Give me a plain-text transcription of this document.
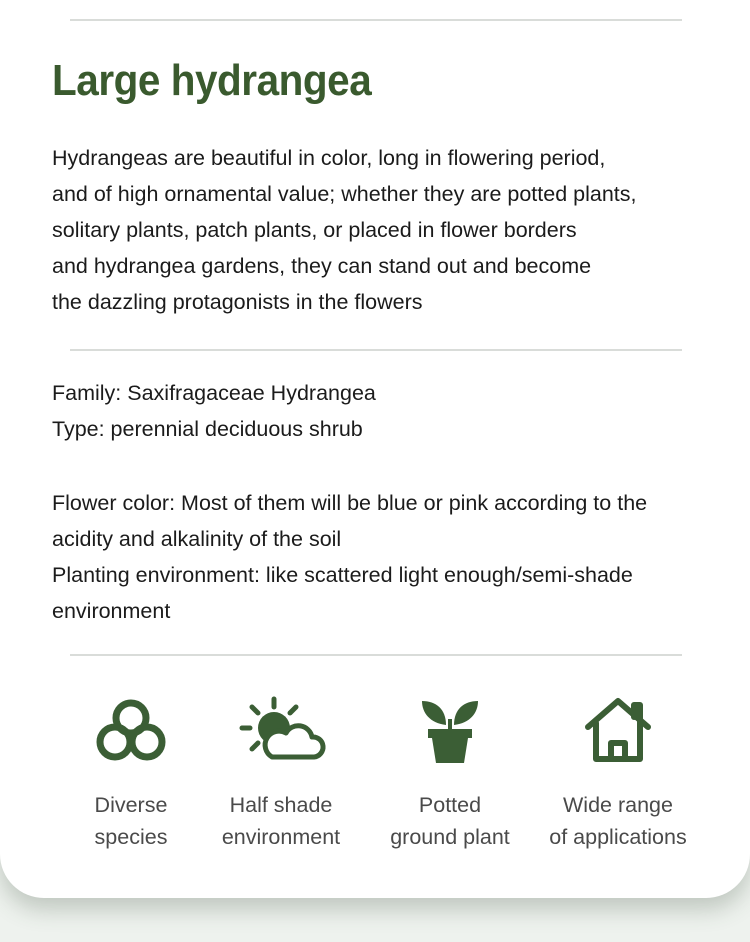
Large hydrangea

Hydrangeas are beautiful in color, long in flowering period,
and of high ornamental value; whether they are potted plants,
solitary plants, patch plants, or placed in flower borders
and hydrangea gardens, they can stand out and become
the dazzling protagonists in the flowers

Family: Saxifragaceae Hydrangea
Type: perennial deciduous shrub

Flower color: Most of them will be blue or pink according to the
acidity and alkalinity of the soil
Planting environment: like scattered light enough/semi-shade
environment

Diverse
species
Half shade
environment
Potted
ground plant
Wide range
of applications
